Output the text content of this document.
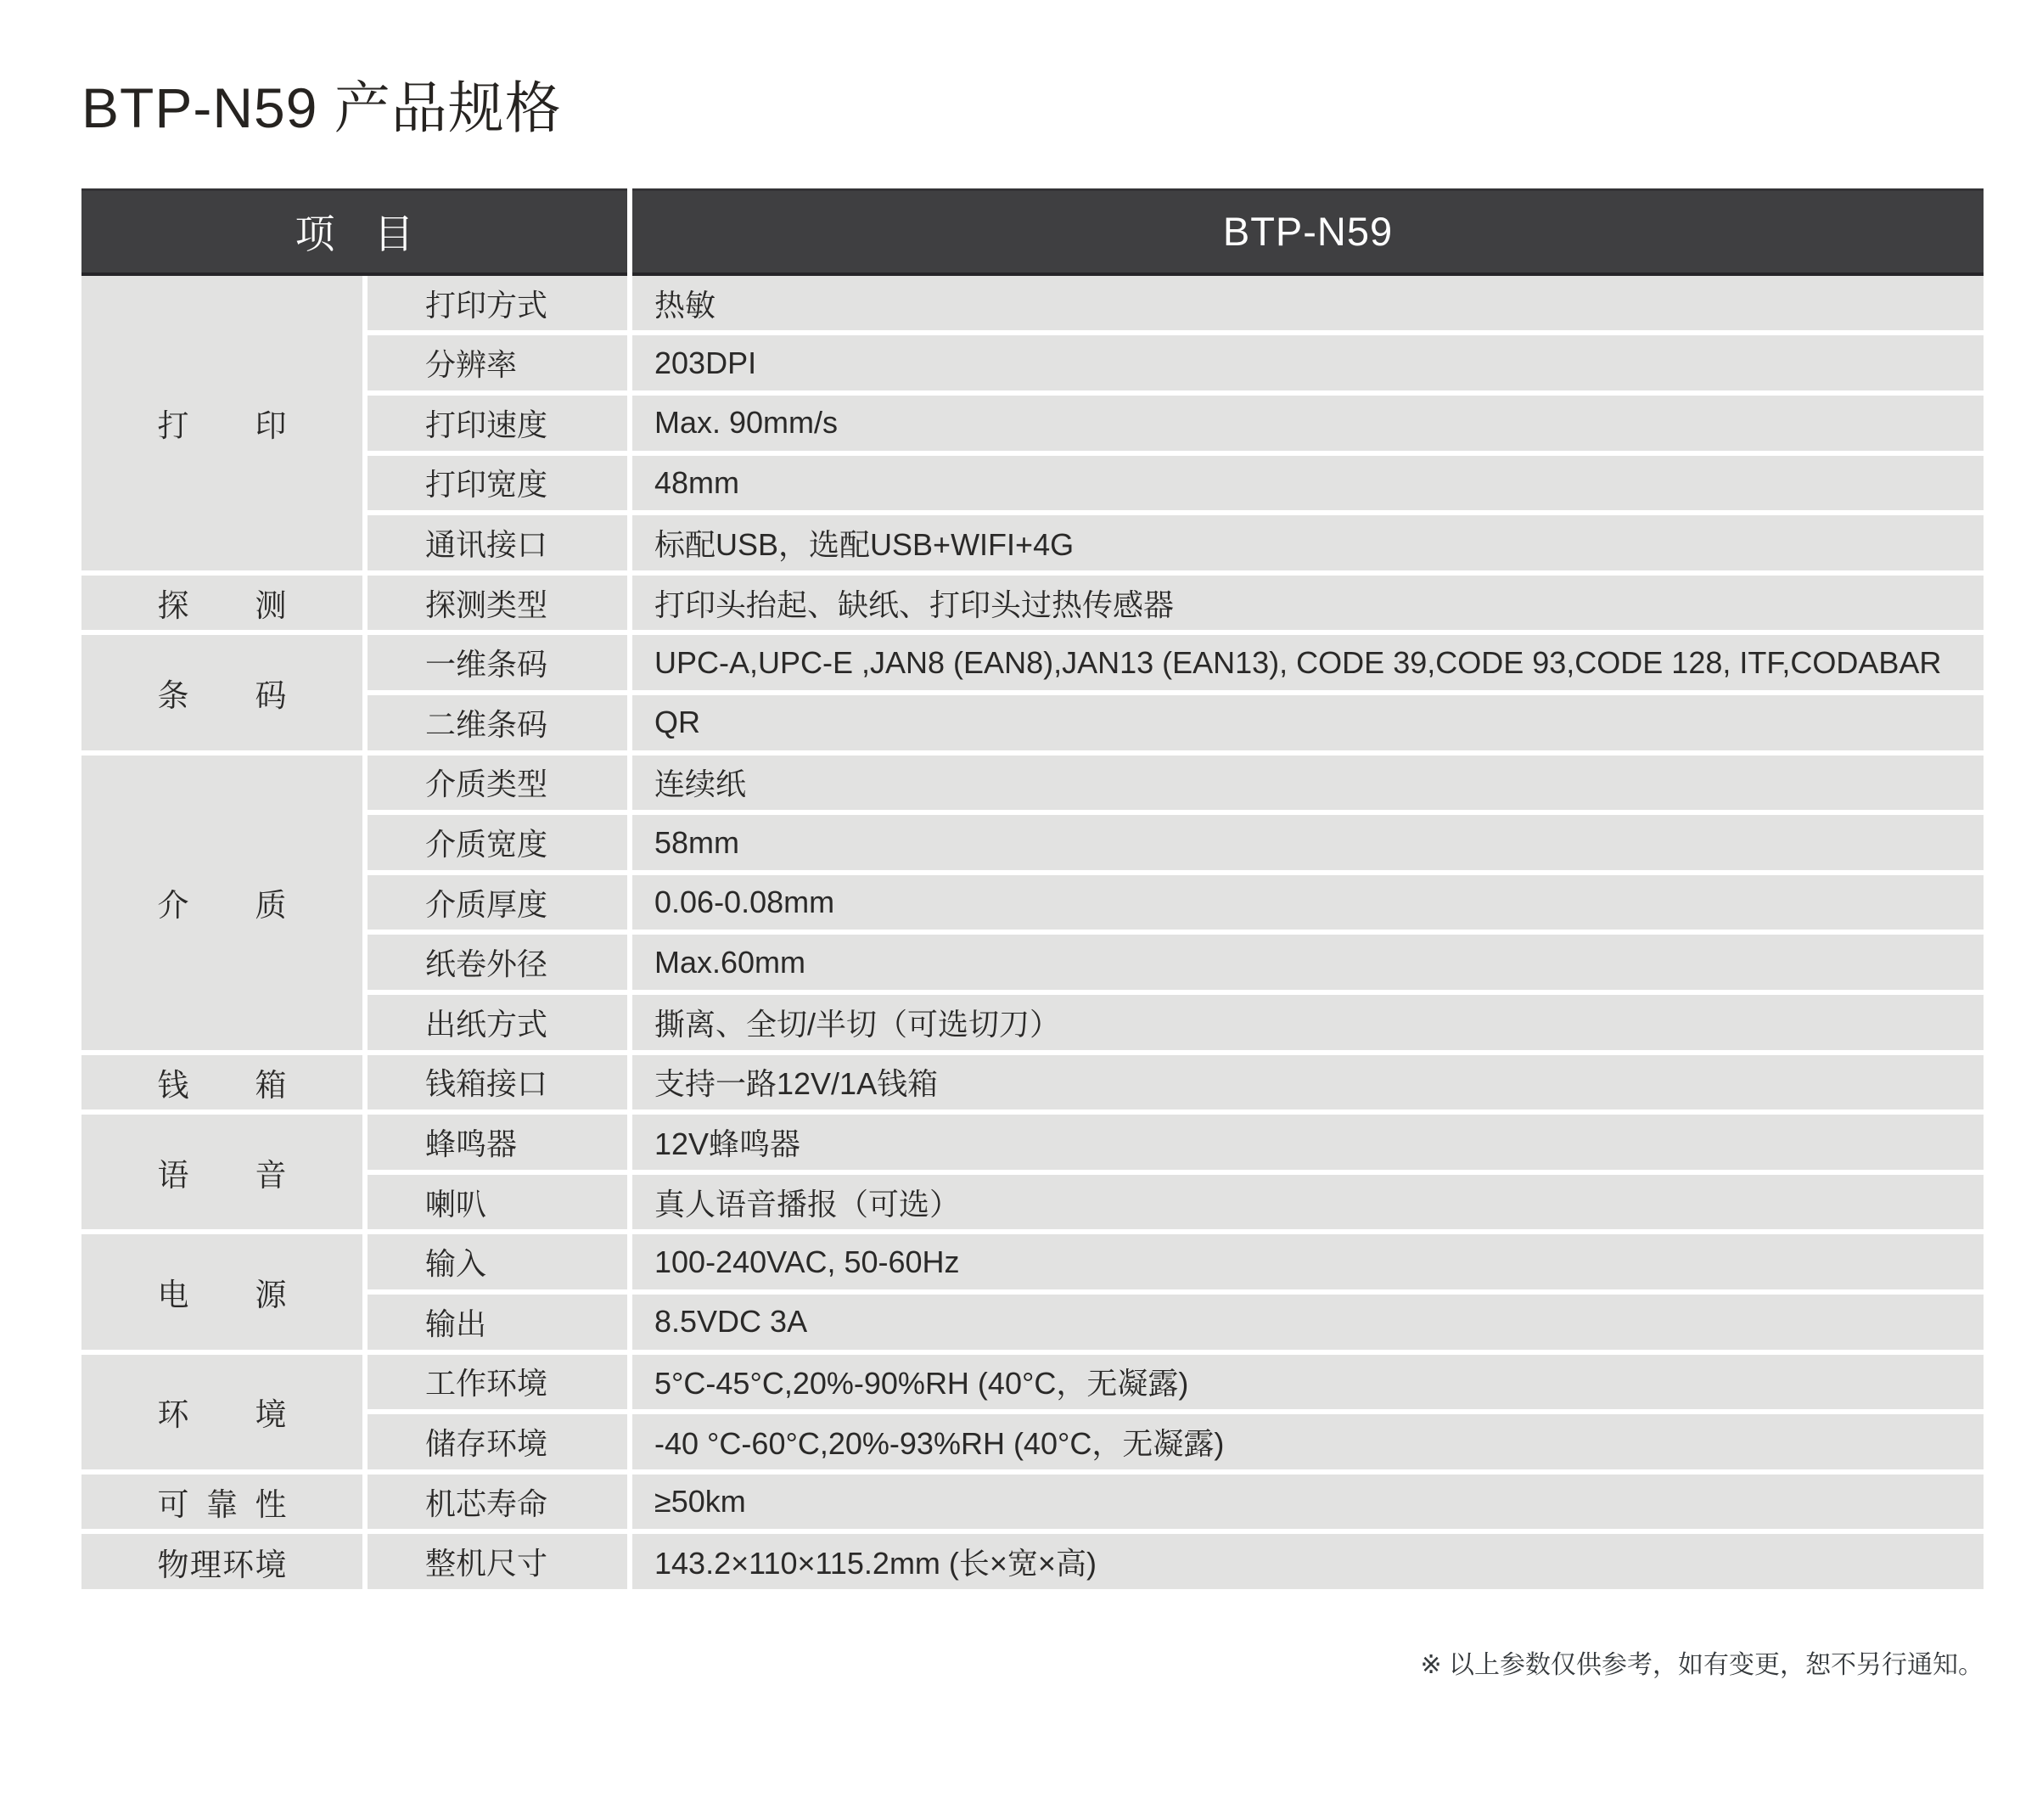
BTP-N59 产品规格
项 目	BTP-N59
打 印
打印方式	热敏
分辨率	203DPI
打印速度	Max. 90mm/s
打印宽度	48mm
通讯接口	标配USB，选配USB+WIFI+4G
探 测	探测类型	打印头抬起、缺纸、打印头过热传感器
条 码
一维条码	UPC-A,UPC-E ,JAN8 (EAN8),JAN13 (EAN13), CODE 39,CODE 93,CODE 128, ITF,CODABAR
二维条码	QR
介 质
介质类型	连续纸
介质宽度	58mm
介质厚度	0.06-0.08mm
纸卷外径	Max.60mm
出纸方式	撕离、全切/半切（可选切刀）
钱 箱	钱箱接口	支持一路12V/1A钱箱
语 音
蜂鸣器	12V蜂鸣器
喇叭	真人语音播报（可选）
电 源
输入	100-240VAC, 50-60Hz
输出	8.5VDC 3A
环 境
工作环境	5°C-45°C,20%-90%RH (40°C，无凝露)
储存环境	-40 °C-60°C,20%-93%RH (40°C，无凝露)
可 靠 性	机芯寿命	≥50km
物理环境	整机尺寸	143.2×110×115.2mm (长×宽×高)
※ 以上参数仅供参考，如有变更，恕不另行通知。
